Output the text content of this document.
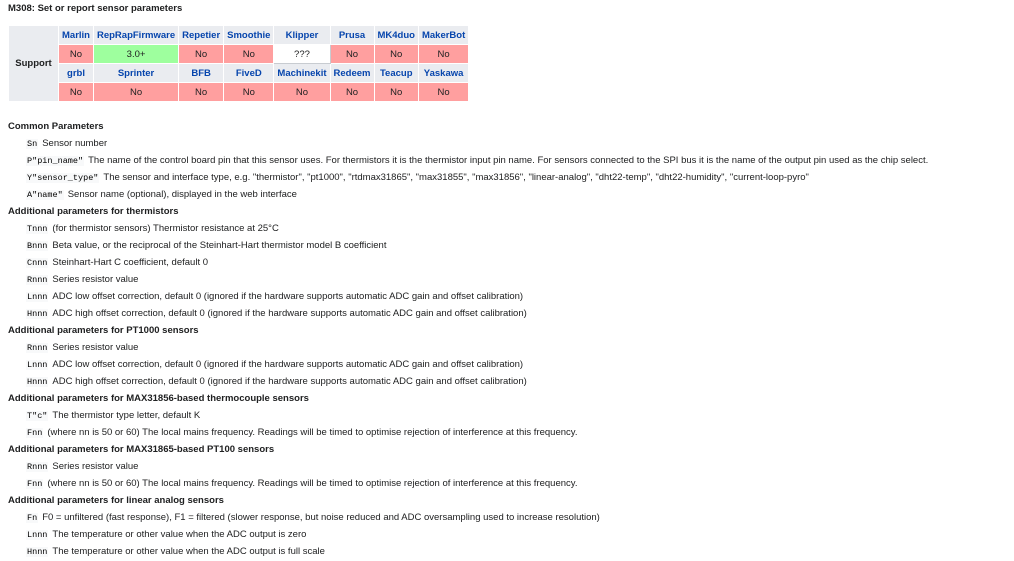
M308: Set or report sensor parameters
Support	Marlin	RepRapFirmware	Repetier	Smoothie	Klipper	Prusa	MK4duo	MakerBot
	No	3.0+	No	No	???	No	No	No
	grbl	Sprinter	BFB	FiveD	Machinekit	Redeem	Teacup	Yaskawa
	No	No	No	No	No	No	No	No
Common Parameters
Sn Sensor number
P"pin_name" The name of the control board pin that this sensor uses. For thermistors it is the thermistor input pin name. For sensors connected to the SPI bus it is the name of the output pin used as the chip select.
Y"sensor_type" The sensor and interface type, e.g. "thermistor", "pt1000", "rtdmax31865", "max31855", "max31856", "linear-analog", "dht22-temp", "dht22-humidity", "current-loop-pyro"
A"name" Sensor name (optional), displayed in the web interface
Additional parameters for thermistors
Tnnn (for thermistor sensors) Thermistor resistance at 25°C
Bnnn Beta value, or the reciprocal of the Steinhart-Hart thermistor model B coefficient
Cnnn Steinhart-Hart C coefficient, default 0
Rnnn Series resistor value
Lnnn ADC low offset correction, default 0 (ignored if the hardware supports automatic ADC gain and offset calibration)
Hnnn ADC high offset correction, default 0 (ignored if the hardware supports automatic ADC gain and offset calibration)
Additional parameters for PT1000 sensors
Rnnn Series resistor value
Lnnn ADC low offset correction, default 0 (ignored if the hardware supports automatic ADC gain and offset calibration)
Hnnn ADC high offset correction, default 0 (ignored if the hardware supports automatic ADC gain and offset calibration)
Additional parameters for MAX31856-based thermocouple sensors
T"c" The thermistor type letter, default K
Fnn (where nn is 50 or 60) The local mains frequency. Readings will be timed to optimise rejection of interference at this frequency.
Additional parameters for MAX31865-based PT100 sensors
Rnnn Series resistor value
Fnn (where nn is 50 or 60) The local mains frequency. Readings will be timed to optimise rejection of interference at this frequency.
Additional parameters for linear analog sensors
Fn F0 = unfiltered (fast response), F1 = filtered (slower response, but noise reduced and ADC oversampling used to increase resolution)
Lnnn The temperature or other value when the ADC output is zero
Hnnn The temperature or other value when the ADC output is full scale
